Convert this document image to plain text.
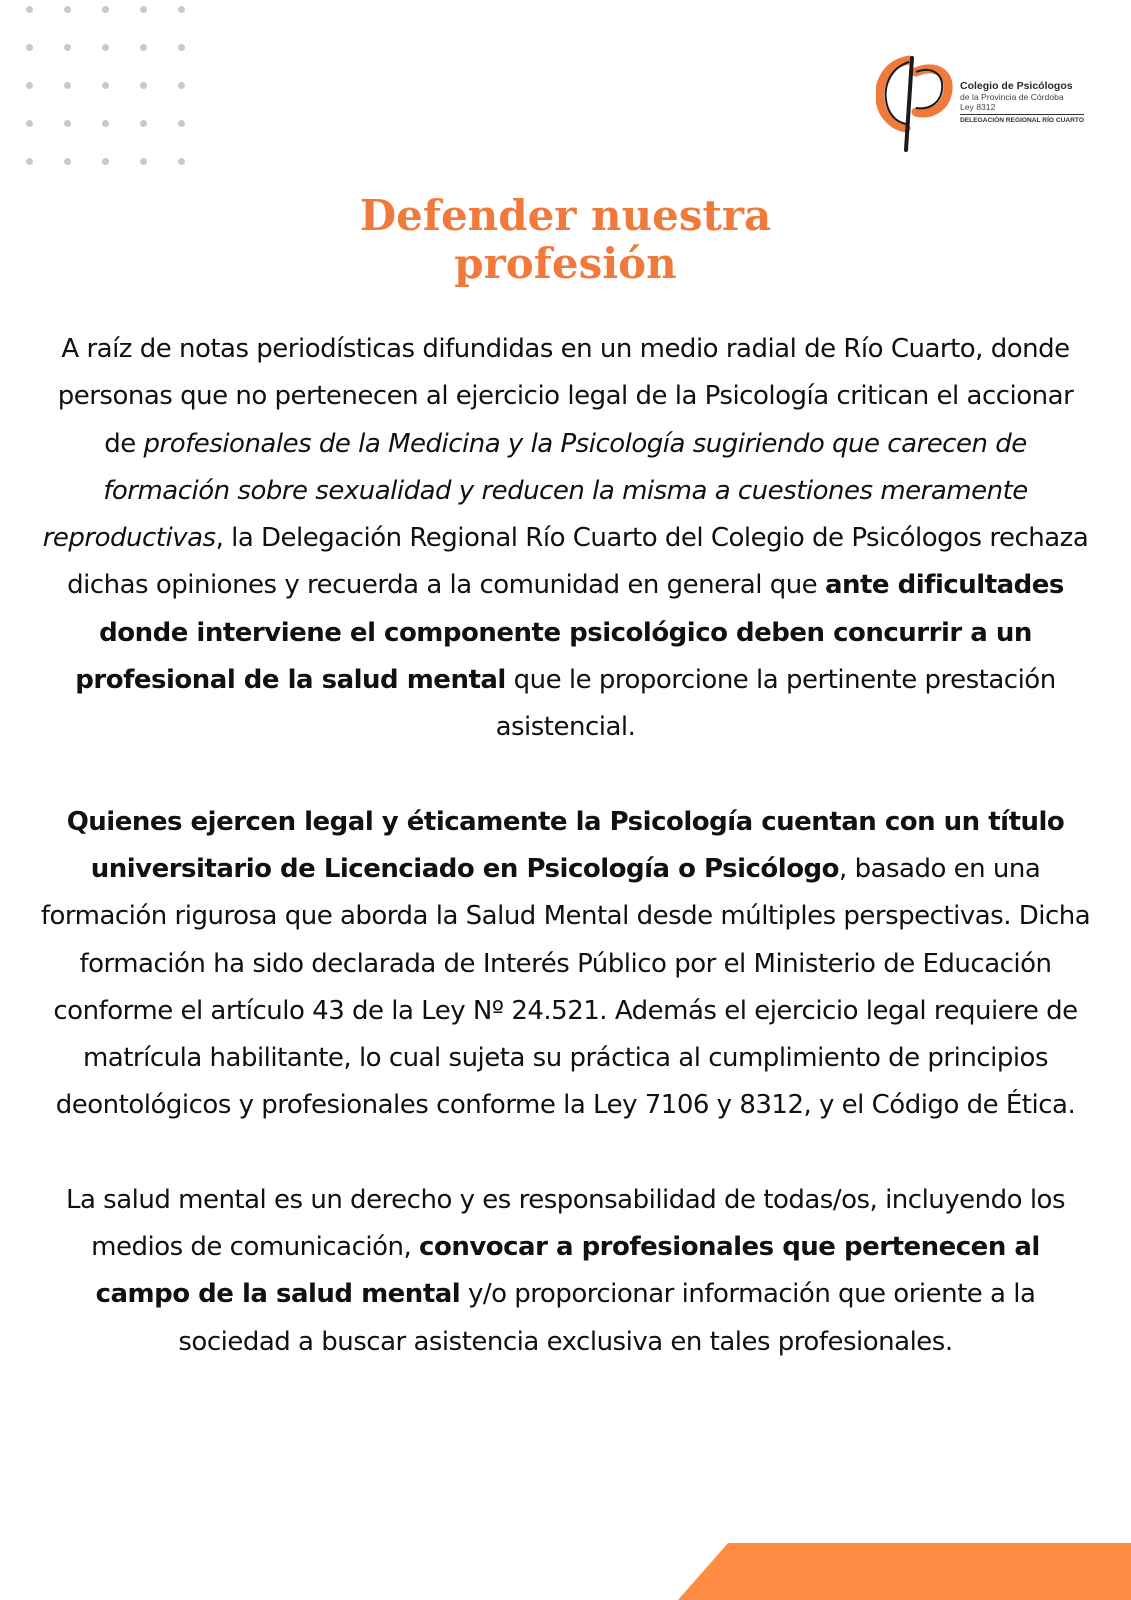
Colegio de Psicólogos
de la Provincia de Córdoba
Ley 8312
DELEGACIÓN REGIONAL RÍO CUARTO
Defender nuestra
profesión

A raíz de notas periodísticas difundidas en un medio radial de Río Cuarto, donde personas que no pertenecen al ejercicio legal de la Psicología critican el accionar de profesionales de la Medicina y la Psicología sugiriendo que carecen de formación sobre sexualidad y reducen la misma a cuestiones meramente reproductivas, la Delegación Regional Río Cuarto del Colegio de Psicólogos rechaza dichas opiniones y recuerda a la comunidad en general que ante dificultades donde interviene el componente psicológico deben concurrir a un profesional de la salud mental que le proporcione la pertinente prestación asistencial.

Quienes ejercen legal y éticamente la Psicología cuentan con un título universitario de Licenciado en Psicología o Psicólogo, basado en una formación rigurosa que aborda la Salud Mental desde múltiples perspectivas. Dicha formación ha sido declarada de Interés Público por el Ministerio de Educación conforme el artículo 43 de la Ley Nº 24.521. Además el ejercicio legal requiere de matrícula habilitante, lo cual sujeta su práctica al cumplimiento de principios deontológicos y profesionales conforme la Ley 7106 y 8312, y el Código de Ética.

La salud mental es un derecho y es responsabilidad de todas/os, incluyendo los medios de comunicación, convocar a profesionales que pertenecen al campo de la salud mental y/o proporcionar información que oriente a la sociedad a buscar asistencia exclusiva en tales profesionales.
